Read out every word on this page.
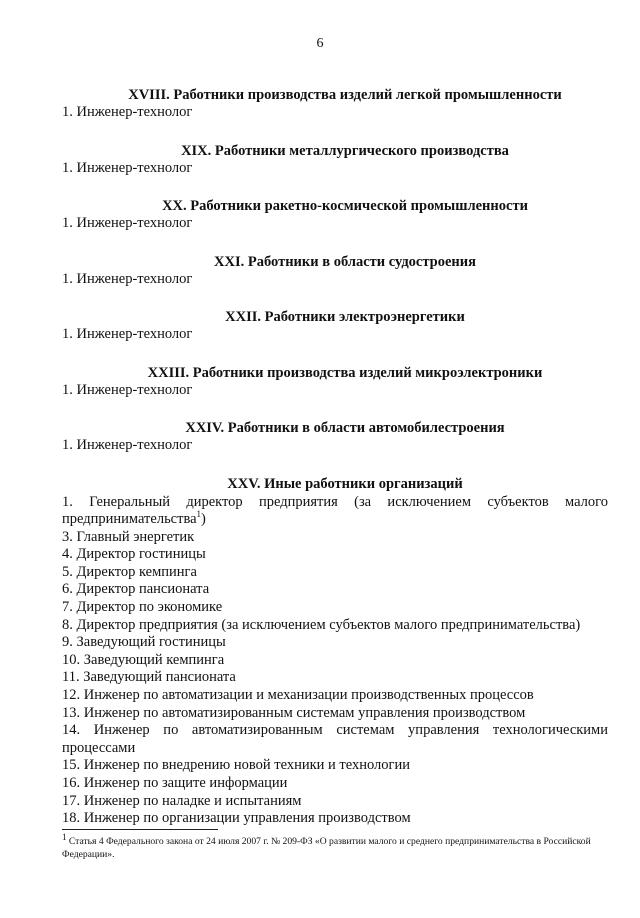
6

XVIII. Работники производства изделий легкой промышленности

1. Инженер-технолог

XIX. Работники металлургического производства

1. Инженер-технолог

XX. Работники ракетно-космической промышленности

1. Инженер-технолог

XXI. Работники в области судостроения

1. Инженер-технолог

XXII. Работники электроэнергетики

1. Инженер-технолог

XXIII. Работники производства изделий микроэлектроники

1. Инженер-технолог

XXIV. Работники в области автомобилестроения

1. Инженер-технолог

XXV. Иные работники организаций

1. Генеральный директор предприятия (за исключением субъектов малого предпринимательства$^1$)
3. Главный энергетик
4. Директор гостиницы
5. Директор кемпинга
6. Директор пансионата
7. Директор по экономике
8. Директор предприятия (за исключением субъектов малого предпринимательства)
9. Заведующий гостиницы
10. Заведующий кемпинга
11. Заведующий пансионата
12. Инженер по автоматизации и механизации производственных процессов
13. Инженер по автоматизированным системам управления производством
14. Инженер по автоматизированным системам управления технологическими процессами
15. Инженер по внедрению новой техники и технологии
16. Инженер по защите информации
17. Инженер по наладке и испытаниям
18. Инженер по организации управления производством
$^1$ Статья 4 Федерального закона от 24 июля 2007 г. № 209-ФЗ «О развитии малого и среднего предпринимательства в Российской Федерации».
